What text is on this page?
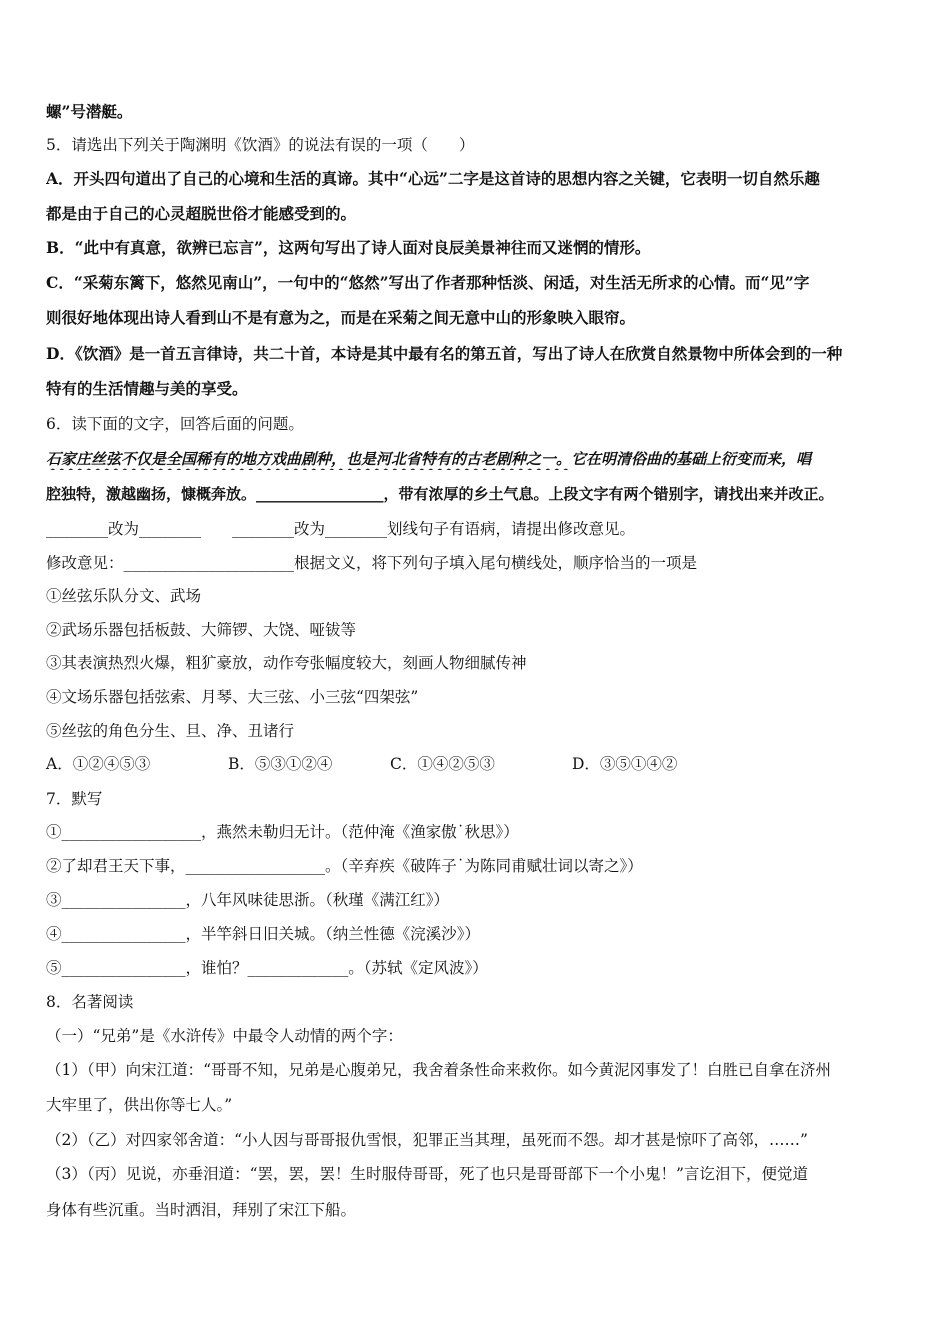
螺”号潜艇。
5．请选出下列关于陶渊明《饮酒》的说法有误的一项（　　）
A．开头四句道出了自己的心境和生活的真谛。其中“心远”二字是这首诗的思想内容之关键，它表明一切自然乐趣
都是由于自己的心灵超脱世俗才能感受到的。
B．“此中有真意，欲辨已忘言”，这两句写出了诗人面对良辰美景神往而又迷惘的情形。
C．“采菊东篱下，悠然见南山”，一句中的“悠然”写出了作者那种恬淡、闲适，对生活无所求的心情。而“见”字
则很好地体现出诗人看到山不是有意为之，而是在采菊之间无意中山的形象映入眼帘。
D．《饮酒》是一首五言律诗，共二十首，本诗是其中最有名的第五首，写出了诗人在欣赏自然景物中所体会到的一种
特有的生活情趣与美的享受。
6．读下面的文字，回答后面的问题。
石家庄丝弦不仅是全国稀有的地方戏曲剧种，也是河北省特有的古老剧种之一。它在明清俗曲的基础上衍变而来，唱
腔独特，激越幽扬，慷概奔放。_________________，带有浓厚的乡土气息。上段文字有两个错别字，请找出来并改正。
________改为________　　________改为________划线句子有语病，请提出修改意见。
修改意见：______________________根据文义，将下列句子填入尾句横线处，顺序恰当的一项是
①丝弦乐队分文、武场
②武场乐器包括板鼓、大筛锣、大饶、哑钹等
③其表演热烈火爆，粗犷豪放，动作夸张幅度较大，刻画人物细腻传神
④文场乐器包括弦索、月琴、大三弦、小三弦“四架弦”
⑤丝弦的角色分生、旦、净、丑诸行
A．①②④⑤③	B．⑤③①②④	C．①④②⑤③	D．③⑤①④②
7．默写
①__________________，燕然未勒归无计。（范仲淹《渔家傲˙秋思》）
②了却君王天下事，__________________。（辛弃疾《破阵子˙为陈同甫赋壮词以寄之》）
③________________，八年风味徒思浙。（秋瑾《满江红》）
④________________，半竿斜日旧关城。（纳兰性德《浣溪沙》）
⑤________________，谁怕？_____________。（苏轼《定风波》）
8．名著阅读
（一）“兄弟”是《水浒传》中最令人动情的两个字：
（1）（甲）向宋江道：“哥哥不知，兄弟是心腹弟兄，我舍着条性命来救你。如今黄泥冈事发了！白胜已自拿在济州
大牢里了，供出你等七人。”
（2）（乙）对四家邻舍道：“小人因与哥哥报仇雪恨，犯罪正当其理，虽死而不怨。却才甚是惊吓了高邻，……”
（3）（丙）见说，亦垂泪道：“罢，罢，罢！生时服侍哥哥，死了也只是哥哥部下一个小鬼！”言讫泪下，便觉道
身体有些沉重。当时洒泪，拜别了宋江下船。
